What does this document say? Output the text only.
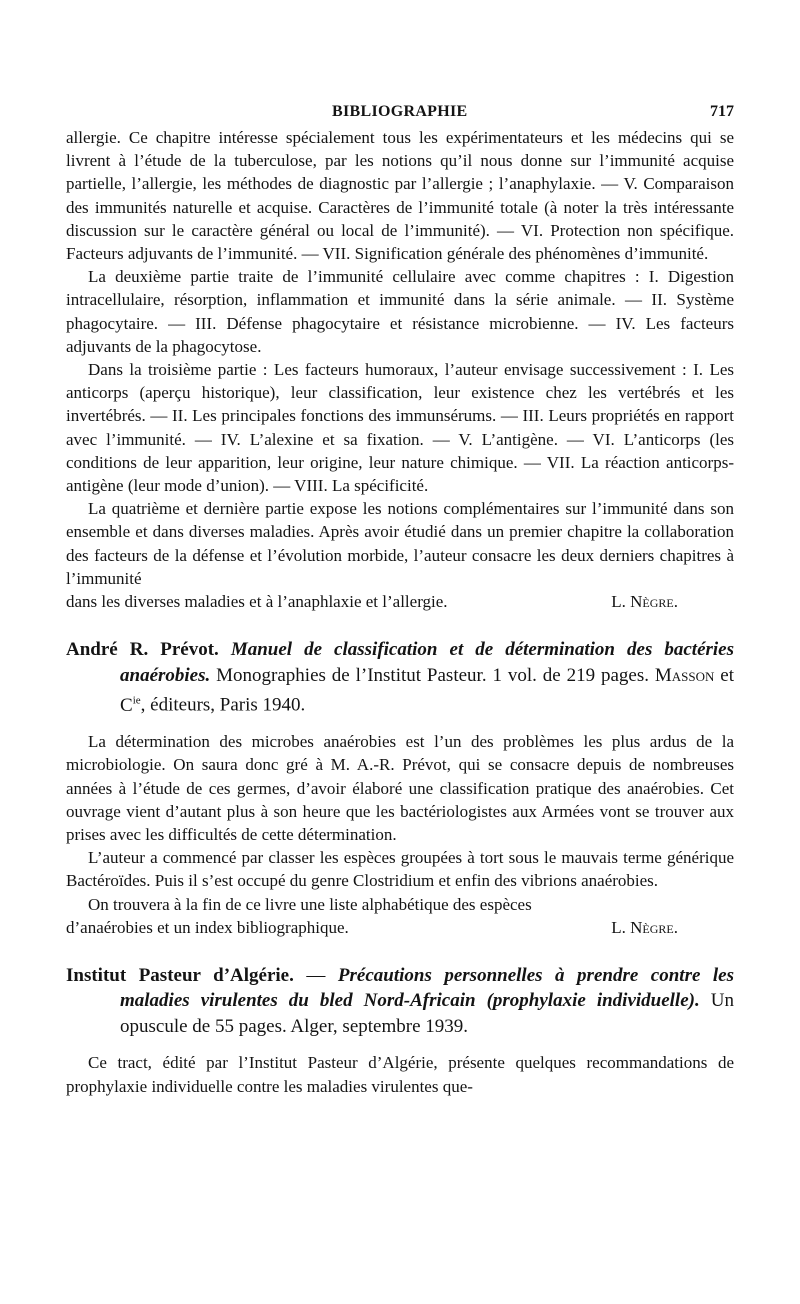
BIBLIOGRAPHIE	717

allergie. Ce chapitre intéresse spécialement tous les expérimentateurs et les médecins qui se livrent à l’étude de la tuberculose, par les notions qu’il nous donne sur l’immunité acquise partielle, l’allergie, les méthodes de diagnostic par l’allergie ; l’anaphylaxie. — V. Comparaison des immunités naturelle et acquise. Caractères de l’immunité totale (à noter la très intéressante discussion sur le caractère général ou local de l’immunité). — VI. Protection non spécifique. Facteurs adjuvants de l’immunité. — VII. Signification générale des phénomènes d’immunité.

La deuxième partie traite de l’immunité cellulaire avec comme chapitres : I. Digestion intracellulaire, résorption, inflammation et immunité dans la série animale. — II. Système phagocytaire. — III. Défense phagocytaire et résistance microbienne. — IV. Les facteurs adjuvants de la phagocytose.

Dans la troisième partie : Les facteurs humoraux, l’auteur envisage successivement : I. Les anticorps (aperçu historique), leur classification, leur existence chez les vertébrés et les invertébrés. — II. Les principales fonctions des immunsérums. — III. Leurs propriétés en rapport avec l’immunité. — IV. L’alexine et sa fixation. — V. L’antigène. — VI. L’anticorps (les conditions de leur apparition, leur origine, leur nature chimique. — VII. La réaction anticorps-antigène (leur mode d’union). — VIII. La spécificité.

La quatrième et dernière partie expose les notions complémentaires sur l’immunité dans son ensemble et dans diverses maladies. Après avoir étudié dans un premier chapitre la collaboration des facteurs de la défense et l’évolution morbide, l’auteur consacre les deux derniers chapitres à l’immunité

dans les diverses maladies et à l’anaphlaxie et l’allergie.	L. Nègre.
André R. Prévot. Manuel de classification et de détermination des bactéries anaérobies. Monographies de l’Institut Pasteur. 1 vol. de 219 pages. Masson et $C^{ie}$, éditeurs, Paris 1940.

La détermination des microbes anaérobies est l’un des problèmes les plus ardus de la microbiologie. On saura donc gré à M. A.-R. Prévot, qui se consacre depuis de nombreuses années à l’étude de ces germes, d’avoir élaboré une classification pratique des anaérobies. Cet ouvrage vient d’autant plus à son heure que les bactériologistes aux Armées vont se trouver aux prises avec les difficultés de cette détermination.

L’auteur a commencé par classer les espèces groupées à tort sous le mauvais terme générique Bactéroïdes. Puis il s’est occupé du genre Clostridium et enfin des vibrions anaérobies.

On trouvera à la fin de ce livre une liste alphabétique des espèces

d’anaérobies et un index bibliographique.	L. Nègre.
Institut Pasteur d’Algérie. — Précautions personnelles à prendre contre les maladies virulentes du bled Nord-Africain (prophylaxie individuelle). Un opuscule de 55 pages. Alger, septembre 1939.

Ce tract, édité par l’Institut Pasteur d’Algérie, présente quelques recommandations de prophylaxie individuelle contre les maladies virulentes que-
